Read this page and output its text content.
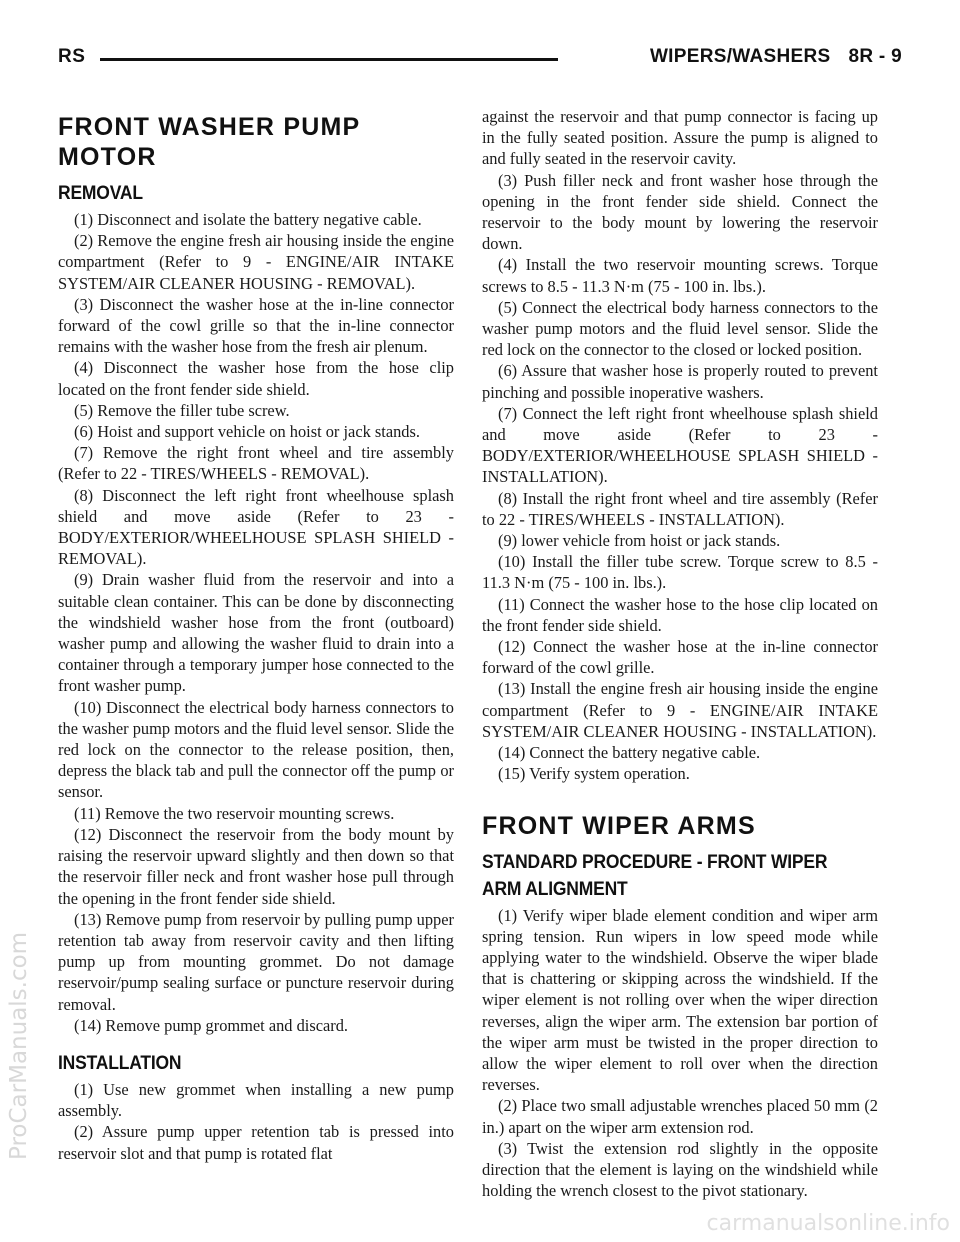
RS	WIPERS/WASHERS 8R - 9
FRONT WASHER PUMP MOTOR
REMOVAL

(1) Disconnect and isolate the battery negative cable.

(2) Remove the engine fresh air housing inside the engine compartment (Refer to 9 - ENGINE/AIR INTAKE SYSTEM/AIR CLEANER HOUSING - REMOVAL).

(3) Disconnect the washer hose at the in-line connector forward of the cowl grille so that the in-line connector remains with the washer hose from the fresh air plenum.

(4) Disconnect the washer hose from the hose clip located on the front fender side shield.

(5) Remove the filler tube screw.

(6) Hoist and support vehicle on hoist or jack stands.

(7) Remove the right front wheel and tire assembly (Refer to 22 - TIRES/WHEELS - REMOVAL).

(8) Disconnect the left right front wheelhouse splash shield and move aside (Refer to 23 - BODY/EXTERIOR/WHEELHOUSE SPLASH SHIELD - REMOVAL).

(9) Drain washer fluid from the reservoir and into a suitable clean container. This can be done by disconnecting the windshield washer hose from the front (outboard) washer pump and allowing the washer fluid to drain into a container through a temporary jumper hose connected to the front washer pump.

(10) Disconnect the electrical body harness connectors to the washer pump motors and the fluid level sensor. Slide the red lock on the connector to the release position, then, depress the black tab and pull the connector off the pump or sensor.

(11) Remove the two reservoir mounting screws.

(12) Disconnect the reservoir from the body mount by raising the reservoir upward slightly and then down so that the reservoir filler neck and front washer hose pull through the opening in the front fender side shield.

(13) Remove pump from reservoir by pulling pump upper retention tab away from reservoir cavity and then lifting pump up from mounting grommet. Do not damage reservoir/pump sealing surface or puncture reservoir during removal.

(14) Remove pump grommet and discard.

INSTALLATION

(1) Use new grommet when installing a new pump assembly.

(2) Assure pump upper retention tab is pressed into reservoir slot and that pump is rotated flat

against the reservoir and that pump connector is facing up in the fully seated position. Assure the pump is aligned to and fully seated in the reservoir cavity.

(3) Push filler neck and front washer hose through the opening in the front fender side shield. Connect the reservoir to the body mount by lowering the reservoir down.

(4) Install the two reservoir mounting screws. Torque screws to 8.5 - 11.3 N·m (75 - 100 in. lbs.).

(5) Connect the electrical body harness connectors to the washer pump motors and the fluid level sensor. Slide the red lock on the connector to the closed or locked position.

(6) Assure that washer hose is properly routed to prevent pinching and possible inoperative washers.

(7) Connect the left right front wheelhouse splash shield and move aside (Refer to 23 - BODY/EXTERIOR/WHEELHOUSE SPLASH SHIELD - INSTALLATION).

(8) Install the right front wheel and tire assembly (Refer to 22 - TIRES/WHEELS - INSTALLATION).

(9) lower vehicle from hoist or jack stands.

(10) Install the filler tube screw. Torque screw to 8.5 - 11.3 N·m (75 - 100 in. lbs.).

(11) Connect the washer hose to the hose clip located on the front fender side shield.

(12) Connect the washer hose at the in-line connector forward of the cowl grille.

(13) Install the engine fresh air housing inside the engine compartment (Refer to 9 - ENGINE/AIR INTAKE SYSTEM/AIR CLEANER HOUSING - INSTALLATION).

(14) Connect the battery negative cable.

(15) Verify system operation.

FRONT WIPER ARMS
STANDARD PROCEDURE - FRONT WIPER ARM ALIGNMENT

(1) Verify wiper blade element condition and wiper arm spring tension. Run wipers in low speed mode while applying water to the windshield. Observe the wiper blade that is chattering or skipping across the windshield. If the wiper element is not rolling over when the wiper direction reverses, align the wiper arm. The extension bar portion of the wiper arm must be twisted in the proper direction to allow the wiper element to roll over when the direction reverses.

(2) Place two small adjustable wrenches placed 50 mm (2 in.) apart on the wiper arm extension rod.

(3) Twist the extension rod slightly in the opposite direction that the element is laying on the windshield while holding the wrench closest to the pivot stationary.

ProCarManuals.com
carmanualsonline.info
